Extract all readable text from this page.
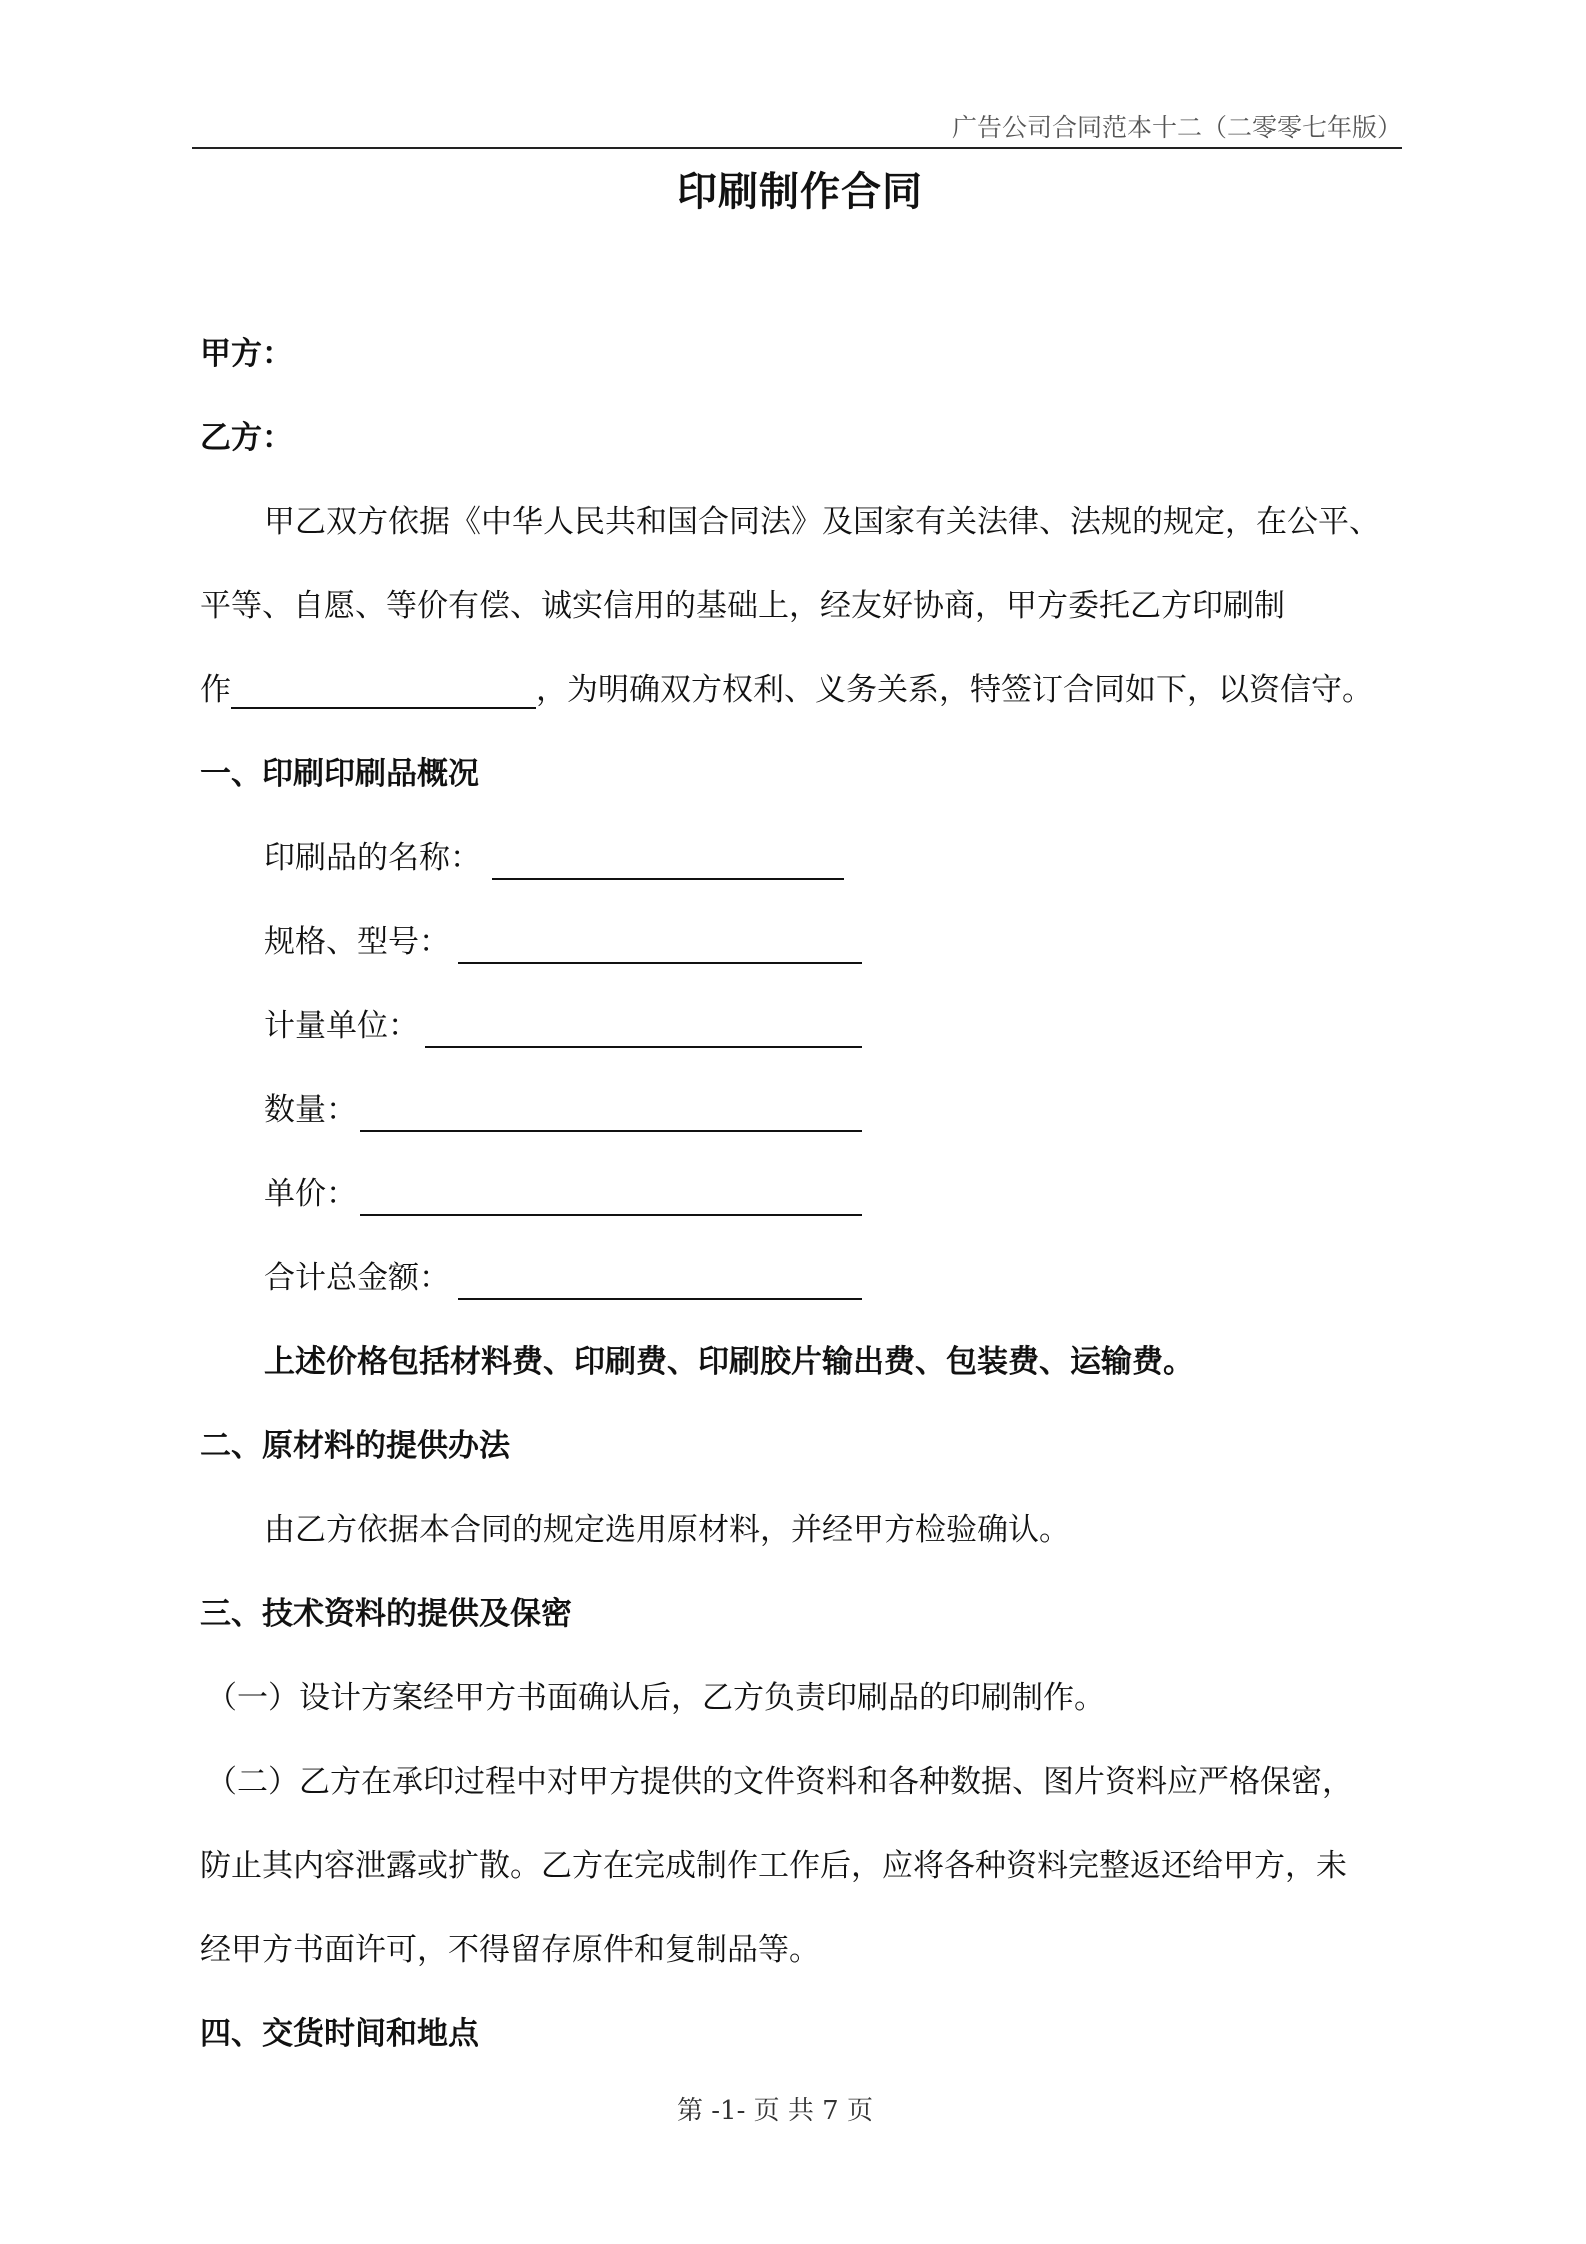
广告公司合同范本十二（二零零七年版）
印刷制作合同
甲方：
乙方：
甲乙双方依据《中华人民共和国合同法》及国家有关法律、法规的规定，在公平、
平等、自愿、等价有偿、诚实信用的基础上，经友好协商，甲方委托乙方印刷制
作	，为明确双方权利、义务关系，特签订合同如下，以资信守。
一、印刷印刷品概况
印刷品的名称：
规格、型号：
计量单位：
数量：
单价：
合计总金额：
上述价格包括材料费、印刷费、印刷胶片输出费、包装费、运输费。
二、原材料的提供办法
由乙方依据本合同的规定选用原材料，并经甲方检验确认。
三、技术资料的提供及保密
（一）设计方案经甲方书面确认后，乙方负责印刷品的印刷制作。
（二）乙方在承印过程中对甲方提供的文件资料和各种数据、图片资料应严格保密，
防止其内容泄露或扩散。乙方在完成制作工作后，应将各种资料完整返还给甲方，未
经甲方书面许可，不得留存原件和复制品等。
四、交货时间和地点
第 -1- 页 共 7 页
